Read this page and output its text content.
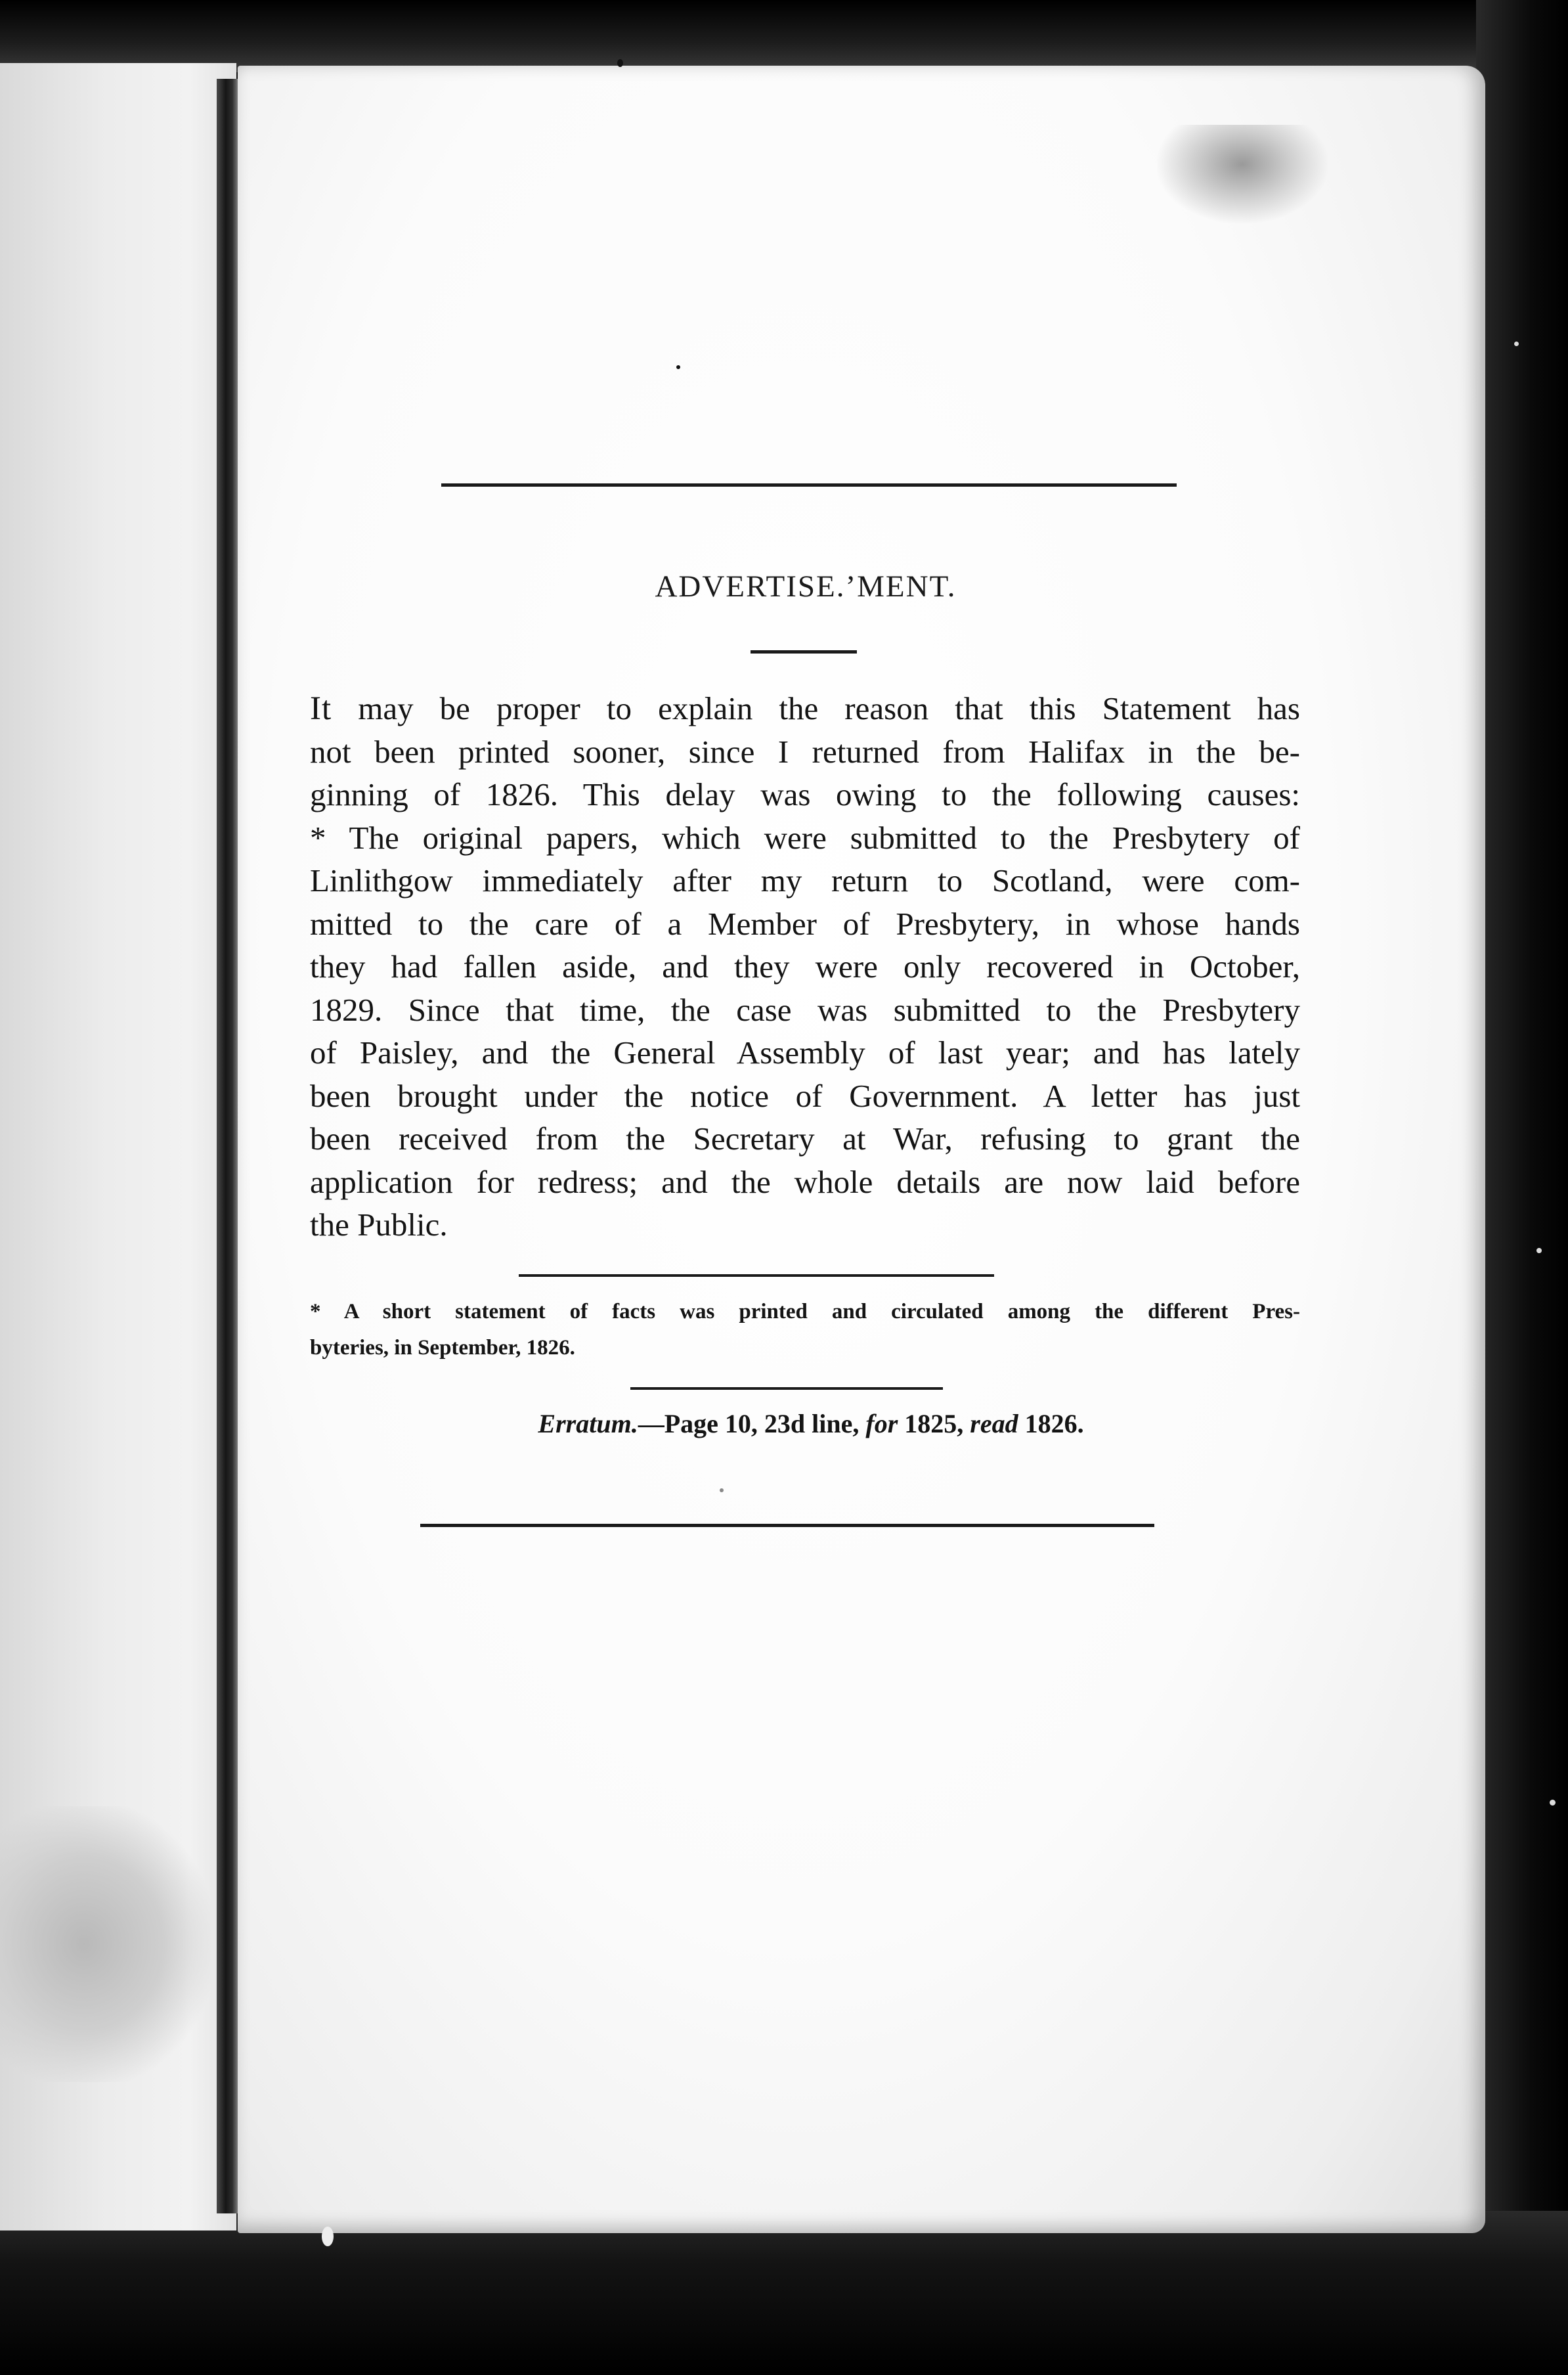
ADVERTISE.’MENT.
It may be proper to explain the reason that this Statement has
not been printed sooner, since I returned from Halifax in the be-
ginning of 1826. This delay was owing to the following causes:
* The original papers, which were submitted to the Presbytery of
Linlithgow immediately after my return to Scotland, were com-
mitted to the care of a Member of Presbytery, in whose hands
they had fallen aside, and they were only recovered in October,
1829. Since that time, the case was submitted to the Presbytery
of Paisley, and the General Assembly of last year; and has lately
been brought under the notice of Government. A letter has just
been received from the Secretary at War, refusing to grant the
application for redress; and the whole details are now laid before
the Public.
* A short statement of facts was printed and circulated among the different Pres-
byteries, in September, 1826.
Erratum.—Page 10, 23d line, for 1825, read 1826.
